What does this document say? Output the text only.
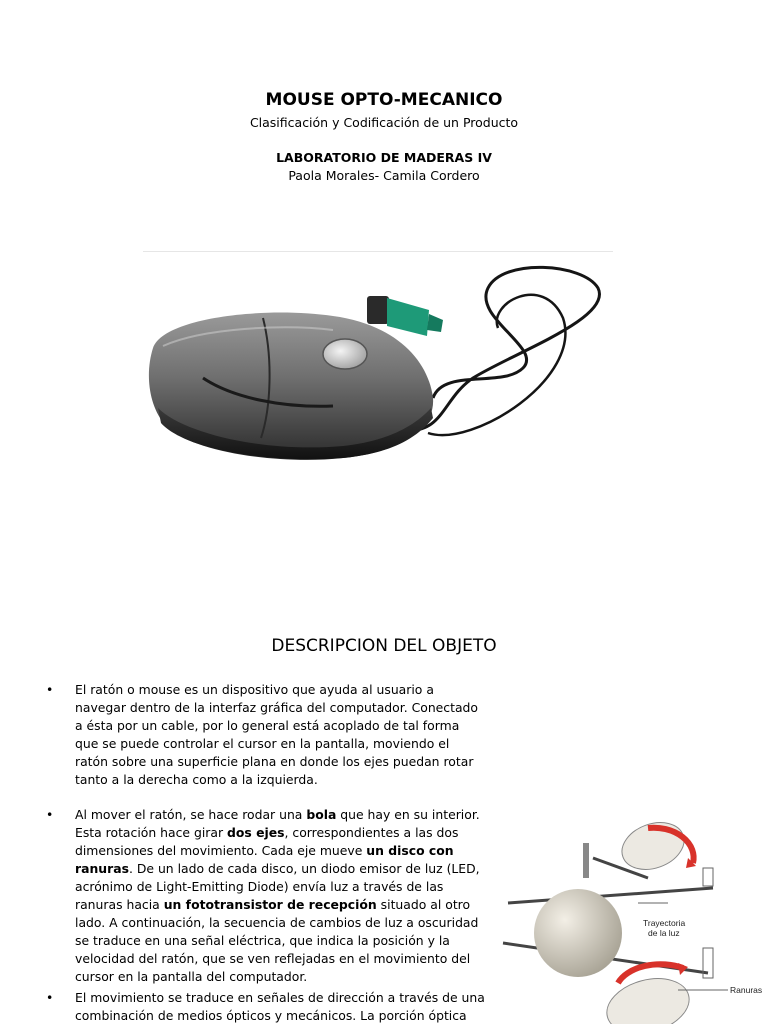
MOUSE OPTO-MECANICO
Clasificación y Codificación de un Producto
LABORATORIO DE MADERAS IV
Paola Morales- Camila Cordero
DESCRIPCION DEL OBJETO
•	El ratón o mouse es un dispositivo que ayuda al usuario a navegar dentro de la interfaz gráfica del computador. Conectado a ésta por un cable, por lo general está acoplado de tal forma que se puede controlar el cursor en la pantalla, moviendo el ratón sobre una superficie plana en donde los ejes puedan rotar tanto a la derecha como a la izquierda.
•	Al mover el ratón, se hace rodar una bola que hay en su interior. Esta rotación hace girar dos ejes, correspondientes a las dos dimensiones del movimiento. Cada eje mueve un disco con ranuras. De un lado de cada disco, un diodo emisor de luz (LED, acrónimo de Light-Emitting Diode) envía luz a través de las ranuras hacia un fototransistor de recepción situado al otro lado. A continuación, la secuencia de cambios de luz a oscuridad se traduce en una señal eléctrica, que indica la posición y la velocidad del ratón, que se ven reflejadas en el movimiento del cursor en la pantalla del computador.
•	El movimiento se traduce en señales de dirección a través de una combinación de medios ópticos y mecánicos. La porción óptica
Trayectoria
de la luz
Ranuras
